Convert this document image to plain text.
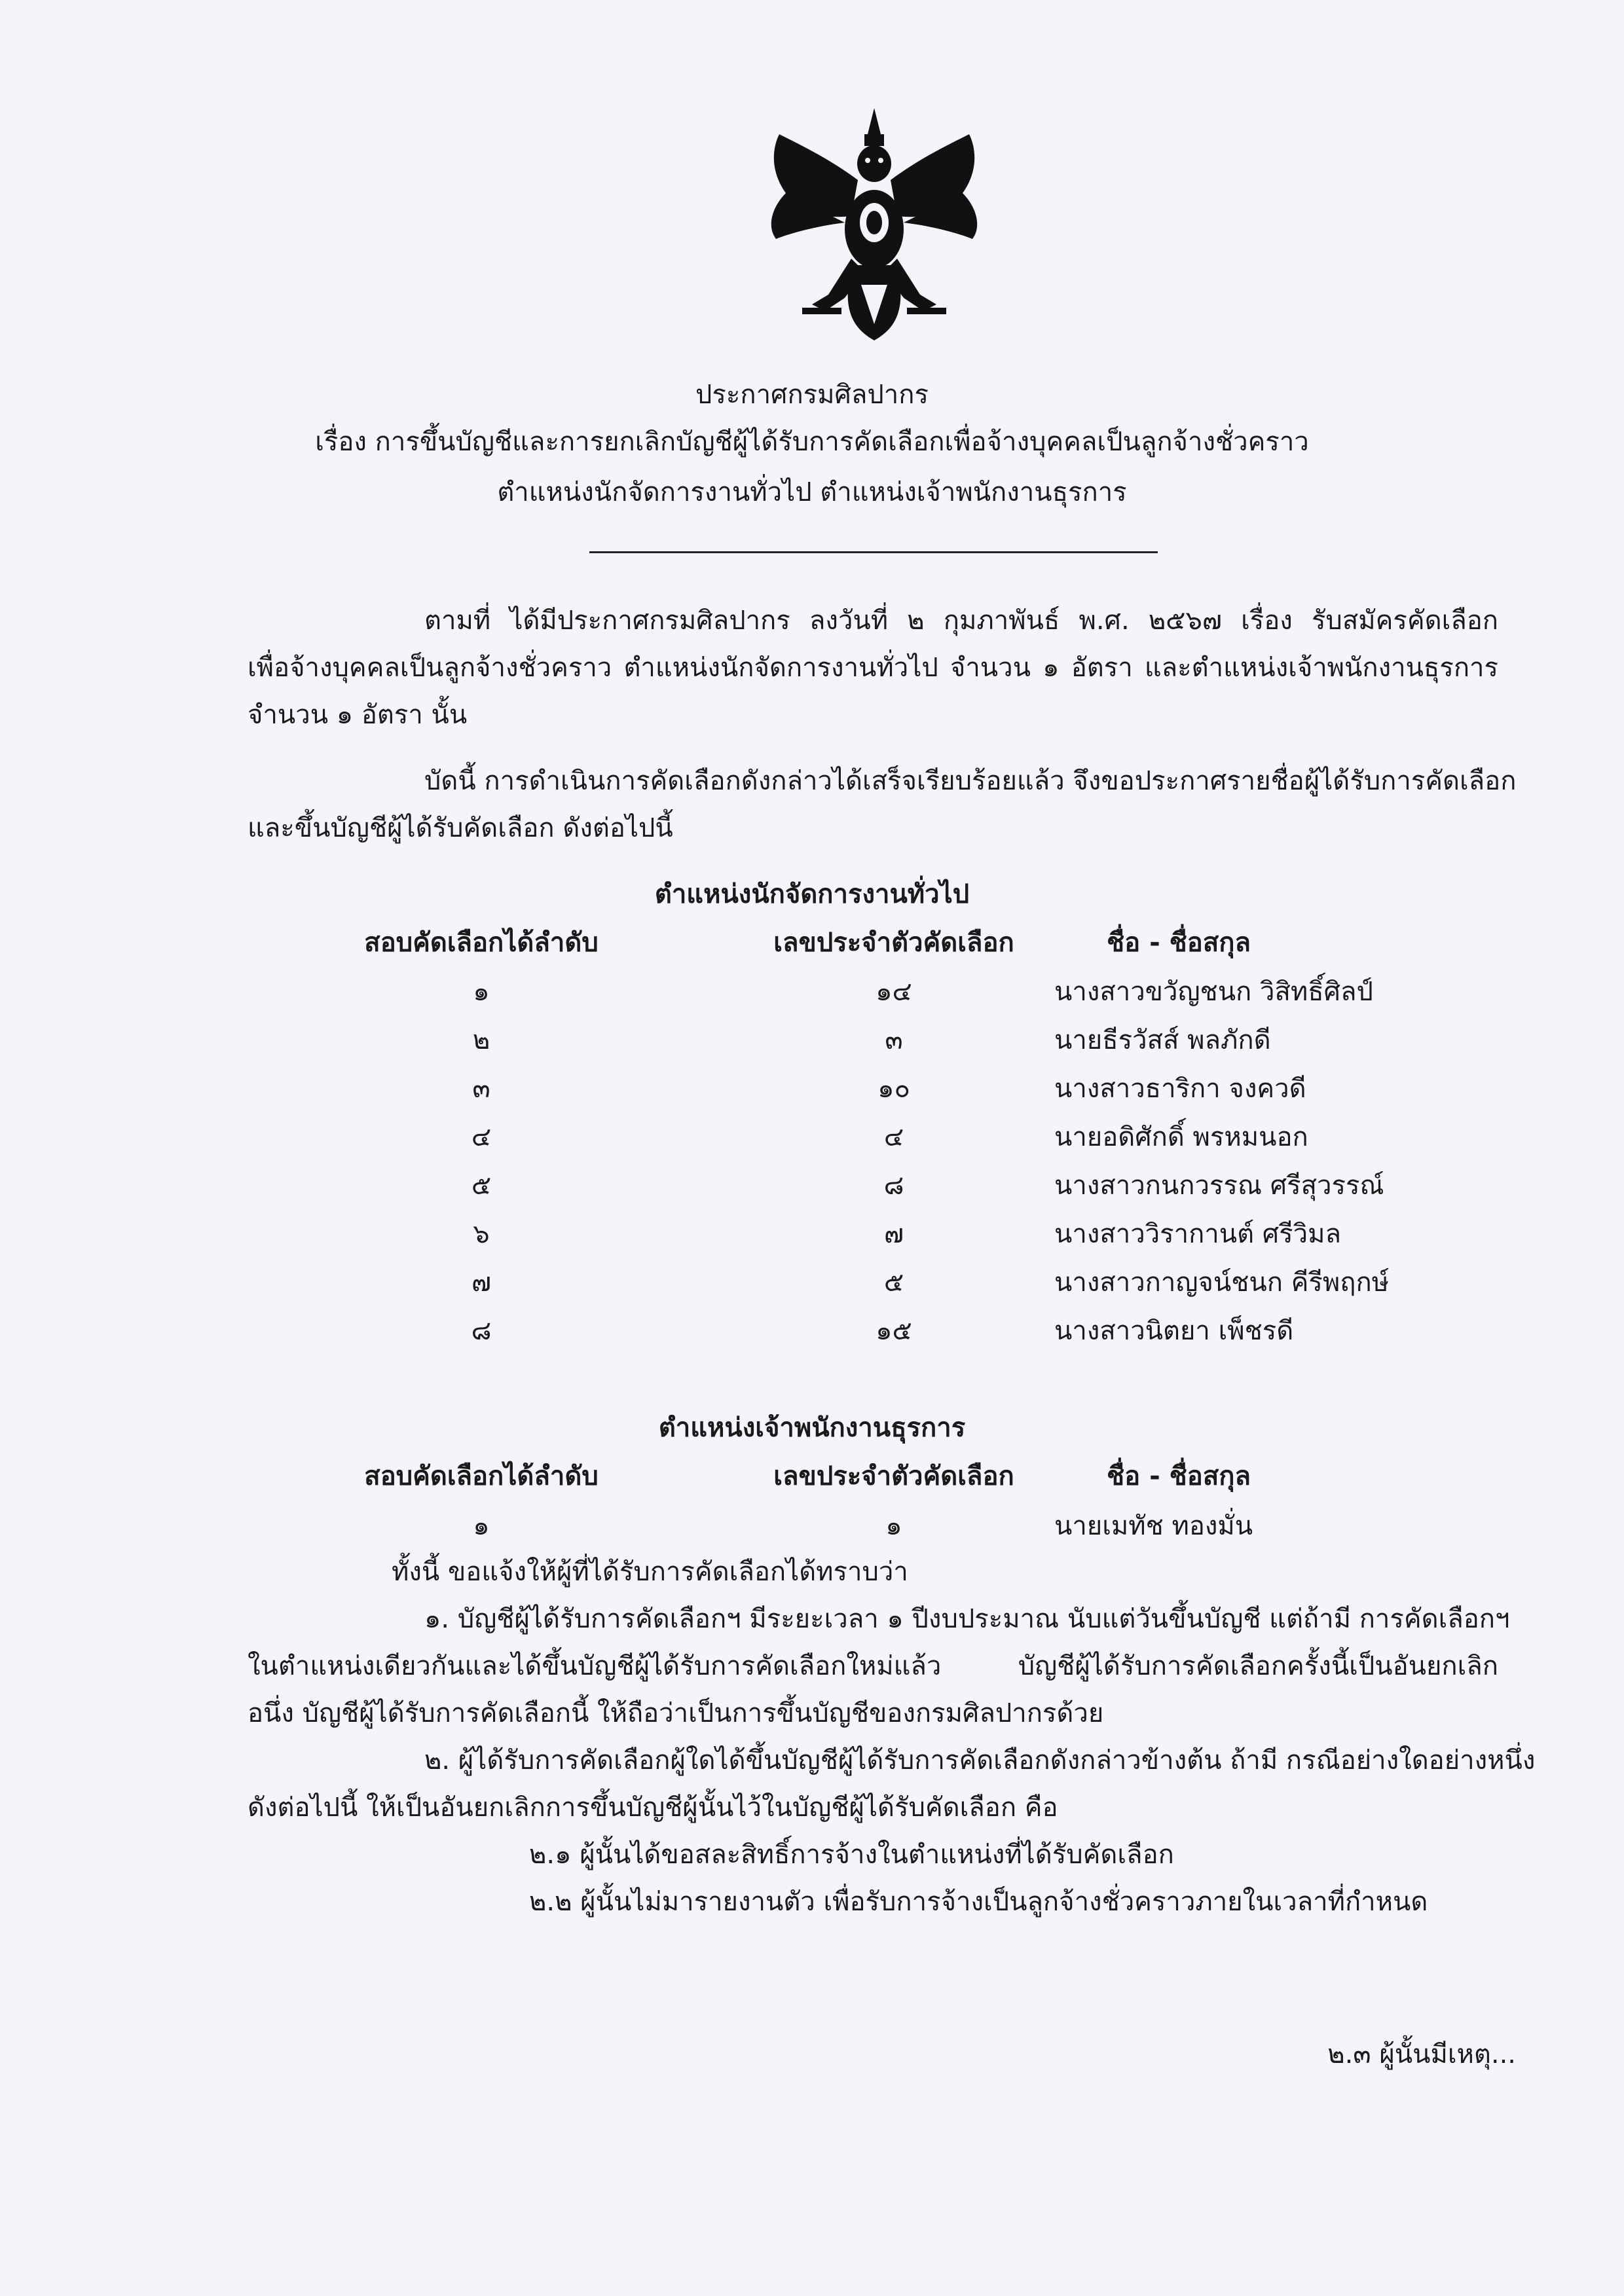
ประกาศกรมศิลปากร
เรื่อง การขึ้นบัญชีและการยกเลิกบัญชีผู้ได้รับการคัดเลือกเพื่อจ้างบุคคลเป็นลูกจ้างชั่วคราว
ตำแหน่งนักจัดการงานทั่วไป ตำแหน่งเจ้าพนักงานธุรการ
ตามที่ ได้มีประกาศกรมศิลปากร ลงวันที่ ๒ กุมภาพันธ์ พ.ศ. ๒๕๖๗ เรื่อง รับสมัครคัดเลือก
เพื่อจ้างบุคคลเป็นลูกจ้างชั่วคราว ตำแหน่งนักจัดการงานทั่วไป จำนวน ๑ อัตรา และตำแหน่งเจ้าพนักงานธุรการ
จำนวน ๑ อัตรา นั้น
บัดนี้ การดำเนินการคัดเลือกดังกล่าวได้เสร็จเรียบร้อยแล้ว จึงขอประกาศรายชื่อผู้ได้รับการคัดเลือก
และขึ้นบัญชีผู้ได้รับคัดเลือก ดังต่อไปนี้
ตำแหน่งนักจัดการงานทั่วไป
สอบคัดเลือกได้ลำดับ	เลขประจำตัวคัดเลือก	ชื่อ - ชื่อสกุล
๑	๑๔	นางสาวขวัญชนก วิสิทธิ์ศิลป์
๒	๓	นายธีรวัสส์ พลภักดี
๓	๑๐	นางสาวธาริกา จงควดี
๔	๔	นายอดิศักดิ์ พรหมนอก
๕	๘	นางสาวกนกวรรณ ศรีสุวรรณ์
๖	๗	นางสาววิรากานต์ ศรีวิมล
๗	๕	นางสาวกาญจน์ชนก คีรีพฤกษ์
๘	๑๕	นางสาวนิตยา เพ็ชรดี
ตำแหน่งเจ้าพนักงานธุรการ
สอบคัดเลือกได้ลำดับ	เลขประจำตัวคัดเลือก	ชื่อ - ชื่อสกุล
๑	๑	นายเมทัช ทองมั่น
ทั้งนี้ ขอแจ้งให้ผู้ที่ได้รับการคัดเลือกได้ทราบว่า
๑. บัญชีผู้ได้รับการคัดเลือกฯ มีระยะเวลา ๑ ปีงบประมาณ นับแต่วันขึ้นบัญชี แต่ถ้ามี การคัดเลือกฯ
ในตำแหน่งเดียวกันและได้ขึ้นบัญชีผู้ได้รับการคัดเลือกใหม่แล้ว บัญชีผู้ได้รับการคัดเลือกครั้งนี้เป็นอันยกเลิก
อนึ่ง บัญชีผู้ได้รับการคัดเลือกนี้ ให้ถือว่าเป็นการขึ้นบัญชีของกรมศิลปากรด้วย
๒. ผู้ได้รับการคัดเลือกผู้ใดได้ขึ้นบัญชีผู้ได้รับการคัดเลือกดังกล่าวข้างต้น ถ้ามี กรณีอย่างใดอย่างหนึ่ง
ดังต่อไปนี้ ให้เป็นอันยกเลิกการขึ้นบัญชีผู้นั้นไว้ในบัญชีผู้ได้รับคัดเลือก คือ
๒.๑ ผู้นั้นได้ขอสละสิทธิ์การจ้างในตำแหน่งที่ได้รับคัดเลือก
๒.๒ ผู้นั้นไม่มารายงานตัว เพื่อรับการจ้างเป็นลูกจ้างชั่วคราวภายในเวลาที่กำหนด
๒.๓ ผู้นั้นมีเหตุ...
